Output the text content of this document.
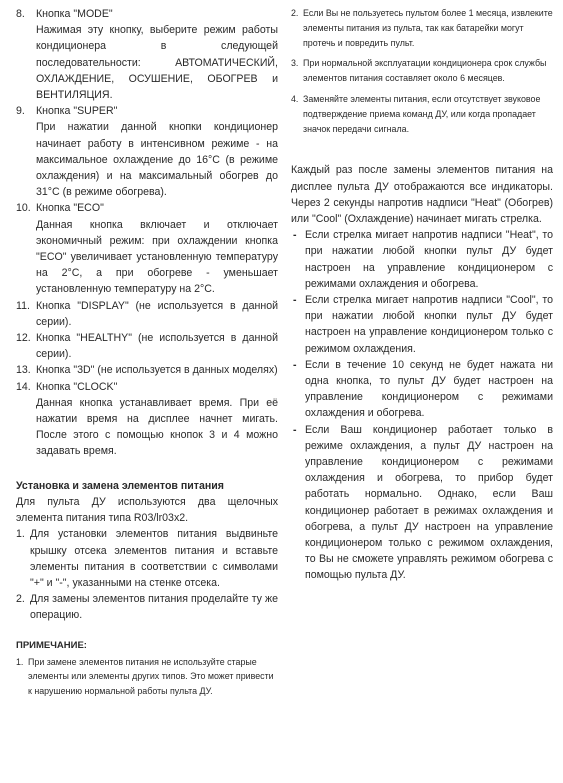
8. Кнопка "MODE"
Нажимая эту кнопку, выберите режим работы кондиционера в следующей последовательности: АВТОМАТИЧЕСКИЙ, ОХЛАЖДЕНИЕ, ОСУШЕНИЕ, ОБОГРЕВ и ВЕНТИЛЯЦИЯ.
9. Кнопка "SUPER"
При нажатии данной кнопки кондиционер начинает работу в интенсивном режиме - на максимальное охлаждение до 16°C (в режиме охлаждения) и на максимальный обогрев до 31°C (в режиме обогрева).
10. Кнопка "ECO"
Данная кнопка включает и отключает экономичный режим: при охлаждении кнопка "ECO" увеличивает установленную температуру на 2°C, а при обогреве - уменьшает установленную температуру на 2°C.
11. Кнопка "DISPLAY" (не используется в данной серии).
12. Кнопка "HEALTHY" (не используется в данной серии).
13. Кнопка "3D" (не используется в данных моделях)
14. Кнопка "CLOCK"
Данная кнопка устанавливает время. При её нажатии время на дисплее начнет мигать. После этого с помощью кнопок 3 и 4 можно задавать время.
Установка и замена элементов питания
Для пульта ДУ используются два щелочных элемента питания типа R03/lr03x2.
1. Для установки элементов питания выдвиньте крышку отсека элементов питания и вставьте элементы питания в соответствии с символами "+" и "-", указанными на стенке отсека.
2. Для замены элементов питания проделайте ту же операцию.
ПРИМЕЧАНИЕ:
1. При замене элементов питания не используйте старые элементы или элементы других типов. Это может привести к нарушению нормальной работы пульта ДУ.
2. Если Вы не пользуетесь пультом более 1 месяца, извлеките элементы питания из пульта, так как батарейки могут протечь и повредить пульт.
3. При нормальной эксплуатации кондиционера срок службы элементов питания составляет около 6 месяцев.
4. Заменяйте элементы питания, если отсутствует звуковое подтверждение приема команд ДУ, или когда пропадает значок передачи сигнала.
Каждый раз после замены элементов питания на дисплее пульта ДУ отображаются все индикаторы. Через 2 секунды напротив надписи "Heat" (Обогрев) или "Cool" (Охлаждение) начинает мигать стрелка.
- Если стрелка мигает напротив надписи "Heat", то при нажатии любой кнопки пульт ДУ будет настроен на управление кондиционером с режимами охлаждения и обогрева.
- Если стрелка мигает напротив надписи "Cool", то при нажатии любой кнопки пульт ДУ будет настроен на управление кондиционером только с режимом охлаждения.
- Если в течение 10 секунд не будет нажата ни одна кнопка, то пульт ДУ будет настроен на управление кондиционером с режимами охлаждения и обогрева.
- Если Ваш кондиционер работает только в режиме охлаждения, а пульт ДУ настроен на управление кондиционером с режимами охлаждения и обогрева, то прибор будет работать нормально. Однако, если Ваш кондиционер работает в режимах охлаждения и обогрева, а пульт ДУ настроен на управление кондиционером только с режимом охлаждения, то Вы не сможете управлять режимом обогрева с помощью пульта ДУ.
